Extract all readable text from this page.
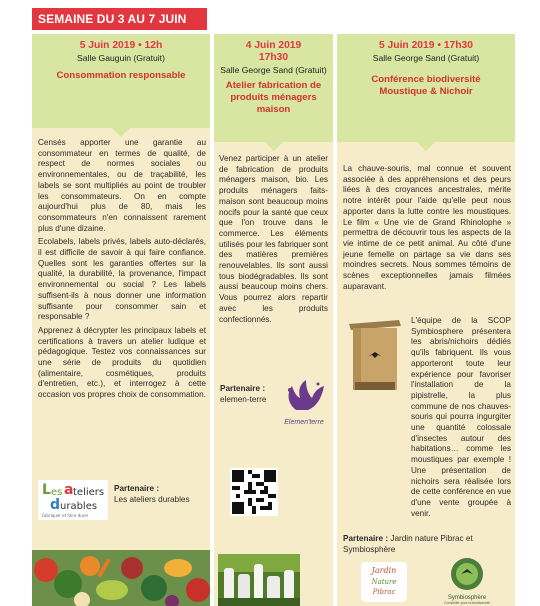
SEMAINE DU 3 AU 7 JUIN
5 Juin 2019 • 12h
Salle Gauguin (Gratuit)
Consommation responsable

Censés apporter une garantie au consommateur en termes de qualité, de respect de normes sociales ou environnementales, ou de traçabilité, les labels se sont multipliés au point de troubler les consommateurs. On en compte aujourd'hui plus de 80, mais les consommateurs n'en connaissent rarement plus d'une dizaine.

Ecolabels, labels privés, labels auto-déclarés, il est difficile de savoir à qui faire confiance. Quelles sont les garanties offertes sur la qualité, la durabilité, la provenance, l'impact environnemental ou social ? Les labels suffisent-ils à nous donner une information suffisante pour consommer sain et responsable ?

Apprenez à décrypter les principaux labels et certifications à travers un atelier ludique et pédagogique. Testez vos connaissances sur une série de produits du quotidien (alimentaire, cosmétiques, produits d'entretien, etc.), et interrogez à cette occasion vos propres choix de consommation.

L es a teliers
d urables
Fabriquer et faire durer
Partenaire :
Les ateliers durables
4 Juin 2019
17h30
Salle George Sand (Gratuit)
Atelier fabrication de produits ménagers maison

Venez participer à un atelier de fabrication de produits ménagers maison, bio. Les produits ménagers faits-maison sont beaucoup moins nocifs pour la santé que ceux que l'on trouve dans le commerce. Les éléments utilisés pour les fabriquer sont des matières premières renouvelables. Ils sont aussi tous biodégradables. Ils sont aussi beaucoup moins chers. Vous pourrez alors repartir avec les produits confectionnés.

Partenaire :
elemen-terre
Elemen'terre
5 Juin 2019 • 17h30
Salle George Sand (Gratuit)
Conférence biodiversité Moustique & Nichoir

La chauve-souris, mal connue et souvent associée à des appréhensions et des peurs liées à des croyances ancestrales, mérite notre intérêt pour l'aide qu'elle peut nous apporter dans la lutte contre les moustiques. Le film « Une vie de Grand Rhinolophe » permettra de découvrir tous les aspects de la vie intime de ce petit animal. Au côté d'une jeune femelle on partage sa vie dans ses moindres secrets. Nous sommes témoins de scènes exceptionnelles jamais filmées auparavant.

L'équipe de la SCOP Symbiosphere présentera les abris/nichoirs dédiés qu'ils fabriquent. Ils vous apporteront toute leur expérience pour favoriser l'installation de la pipistrelle, la plus commune de nos chauves-souris qui pourra ingurgiter une quantité colossale d'insectes autour des habitations… comme les moustiques par exemple ! Une présentation de nichoirs sera réalisée lors de cette conférence en vue d'une vente groupée à venir.

Partenaire : Jardin nature Pibrac et Symbiosphère
Jardin
Nature
Pibrac
Symbiosphère
Conseiller pour la biodiversité
